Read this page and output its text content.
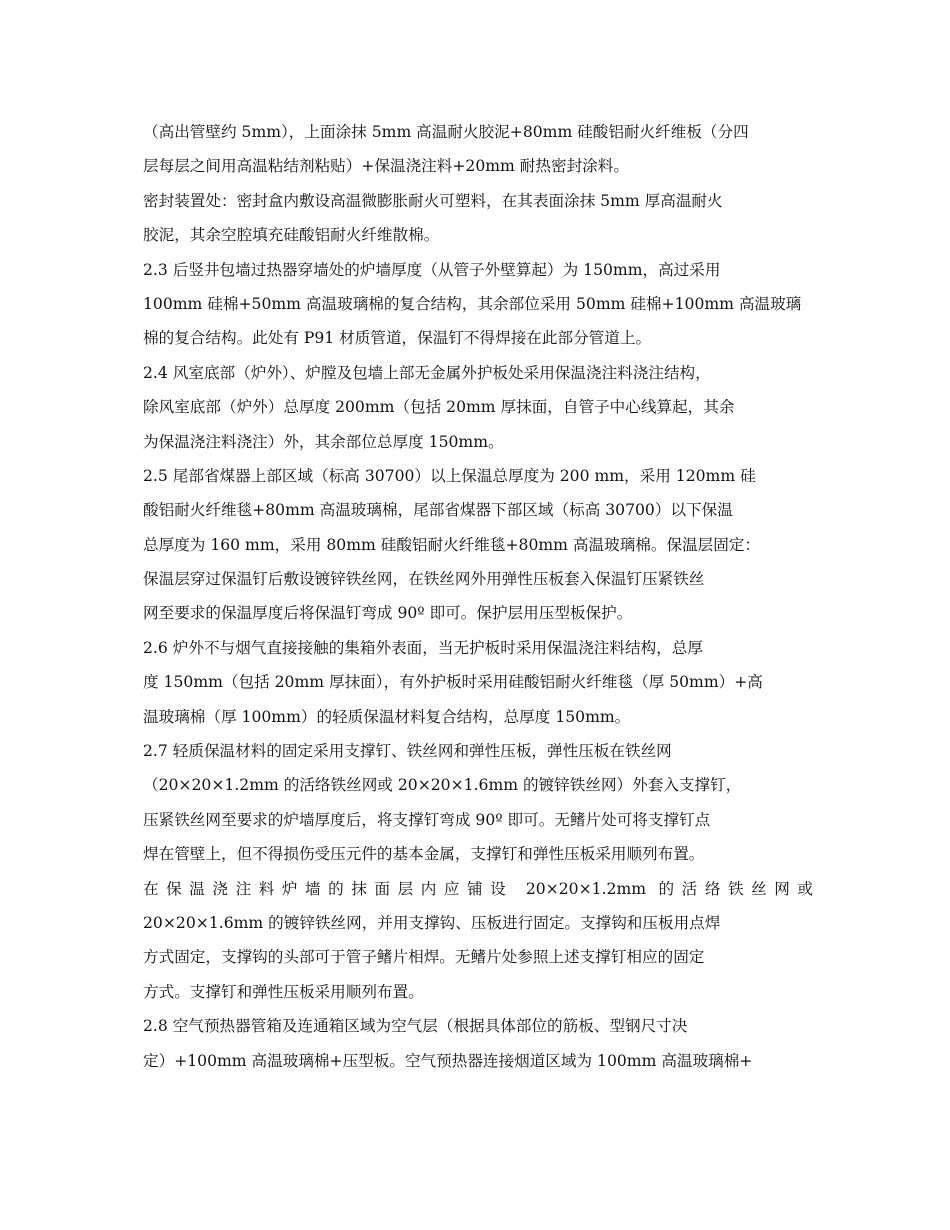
（高出管壁约 5mm），上面涂抹 5mm 高温耐火胶泥+80mm 硅酸铝耐火纤维板（分四
层每层之间用高温粘结剂粘贴）+保温浇注料+20mm 耐热密封涂料。
密封装置处：密封盒内敷设高温微膨胀耐火可塑料，在其表面涂抹 5mm 厚高温耐火
胶泥，其余空腔填充硅酸铝耐火纤维散棉。
2.3 后竖井包墙过热器穿墙处的炉墙厚度（从管子外壁算起）为 150mm，高过采用
100mm 硅棉+50mm 高温玻璃棉的复合结构，其余部位采用 50mm 硅棉+100mm 高温玻璃
棉的复合结构。此处有 P91 材质管道，保温钉不得焊接在此部分管道上。
2.4 风室底部（炉外）、炉膛及包墙上部无金属外护板处采用保温浇注料浇注结构，
除风室底部（炉外）总厚度 200mm（包括 20mm 厚抹面，自管子中心线算起，其余
为保温浇注料浇注）外，其余部位总厚度 150mm。
2.5 尾部省煤器上部区域（标高 30700）以上保温总厚度为 200 mm，采用 120mm 硅
酸铝耐火纤维毯+80mm 高温玻璃棉，尾部省煤器下部区域（标高 30700）以下保温
总厚度为 160 mm，采用 80mm 硅酸铝耐火纤维毯+80mm 高温玻璃棉。保温层固定：
保温层穿过保温钉后敷设镀锌铁丝网，在铁丝网外用弹性压板套入保温钉压紧铁丝
网至要求的保温厚度后将保温钉弯成 90º 即可。保护层用压型板保护。
2.6 炉外不与烟气直接接触的集箱外表面，当无护板时采用保温浇注料结构，总厚
度 150mm（包括 20mm 厚抹面），有外护板时采用硅酸铝耐火纤维毯（厚 50mm）+高
温玻璃棉（厚 100mm）的轻质保温材料复合结构，总厚度 150mm。
2.7 轻质保温材料的固定采用支撑钉、铁丝网和弹性压板，弹性压板在铁丝网
（20×20×1.2mm 的活络铁丝网或 20×20×1.6mm 的镀锌铁丝网）外套入支撑钉，
压紧铁丝网至要求的炉墙厚度后，将支撑钉弯成 90º 即可。无鳍片处可将支撑钉点
焊在管壁上，但不得损伤受压元件的基本金属，支撑钉和弹性压板采用顺列布置。
在保温浇注料炉墙的抹面层内应铺设 20×20×1.2mm 的活络铁丝网或
20×20×1.6mm 的镀锌铁丝网，并用支撑钩、压板进行固定。支撑钩和压板用点焊
方式固定，支撑钩的头部可于管子鳍片相焊。无鳍片处参照上述支撑钉相应的固定
方式。支撑钉和弹性压板采用顺列布置。
2.8 空气预热器管箱及连通箱区域为空气层（根据具体部位的筋板、型钢尺寸决
定）+100mm 高温玻璃棉+压型板。空气预热器连接烟道区域为 100mm 高温玻璃棉+
